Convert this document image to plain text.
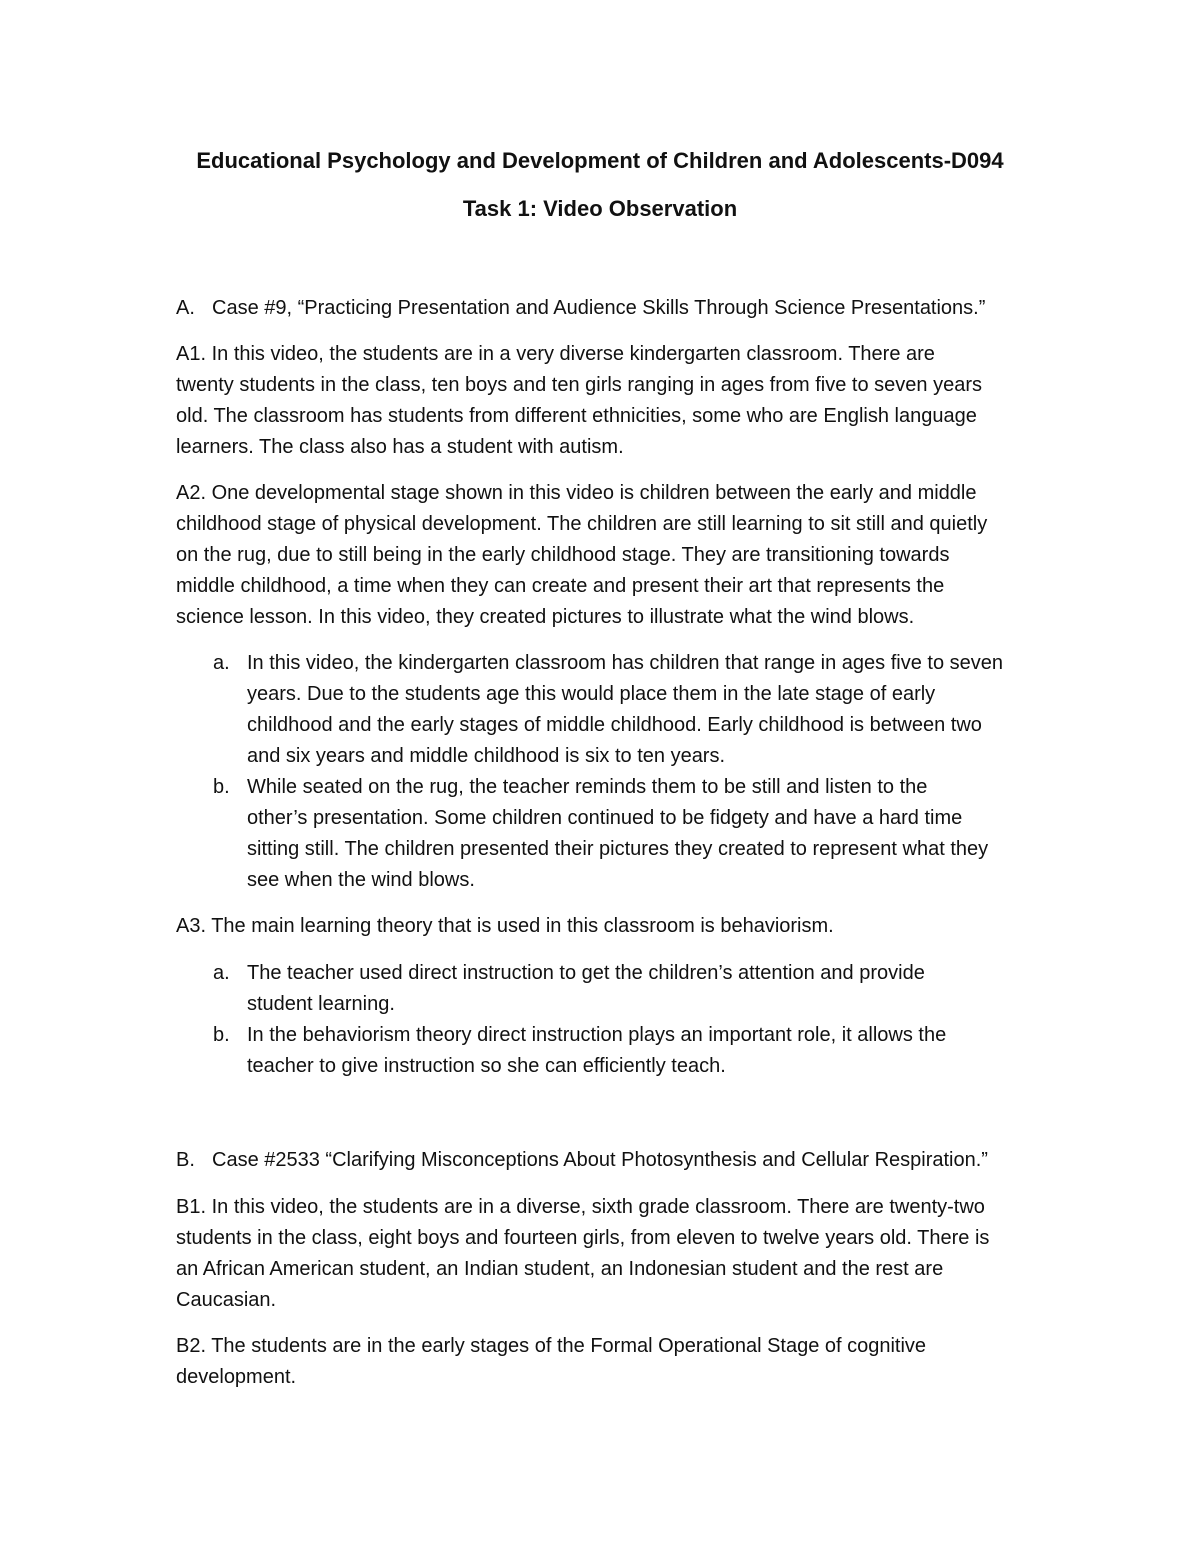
Educational Psychology and Development of Children and Adolescents-D094
Task 1: Video Observation
A. Case #9, “Practicing Presentation and Audience Skills Through Science Presentations.”
A1. In this video, the students are in a very diverse kindergarten classroom. There are
twenty students in the class, ten boys and ten girls ranging in ages from five to seven years
old. The classroom has students from different ethnicities, some who are English language
learners. The class also has a student with autism.
A2. One developmental stage shown in this video is children between the early and middle
childhood stage of physical development. The children are still learning to sit still and quietly
on the rug, due to still being in the early childhood stage. They are transitioning towards
middle childhood, a time when they can create and present their art that represents the
science lesson. In this video, they created pictures to illustrate what the wind blows.
a. In this video, the kindergarten classroom has children that range in ages five to seven
years. Due to the students age this would place them in the late stage of early
childhood and the early stages of middle childhood. Early childhood is between two
and six years and middle childhood is six to ten years.
b. While seated on the rug, the teacher reminds them to be still and listen to the
other’s presentation. Some children continued to be fidgety and have a hard time
sitting still. The children presented their pictures they created to represent what they
see when the wind blows.
A3. The main learning theory that is used in this classroom is behaviorism.
a. The teacher used direct instruction to get the children’s attention and provide
student learning.
b. In the behaviorism theory direct instruction plays an important role, it allows the
teacher to give instruction so she can efficiently teach.
B. Case #2533 “Clarifying Misconceptions About Photosynthesis and Cellular Respiration.”
B1. In this video, the students are in a diverse, sixth grade classroom. There are twenty-two
students in the class, eight boys and fourteen girls, from eleven to twelve years old. There is
an African American student, an Indian student, an Indonesian student and the rest are
Caucasian.
B2. The students are in the early stages of the Formal Operational Stage of cognitive
development.
